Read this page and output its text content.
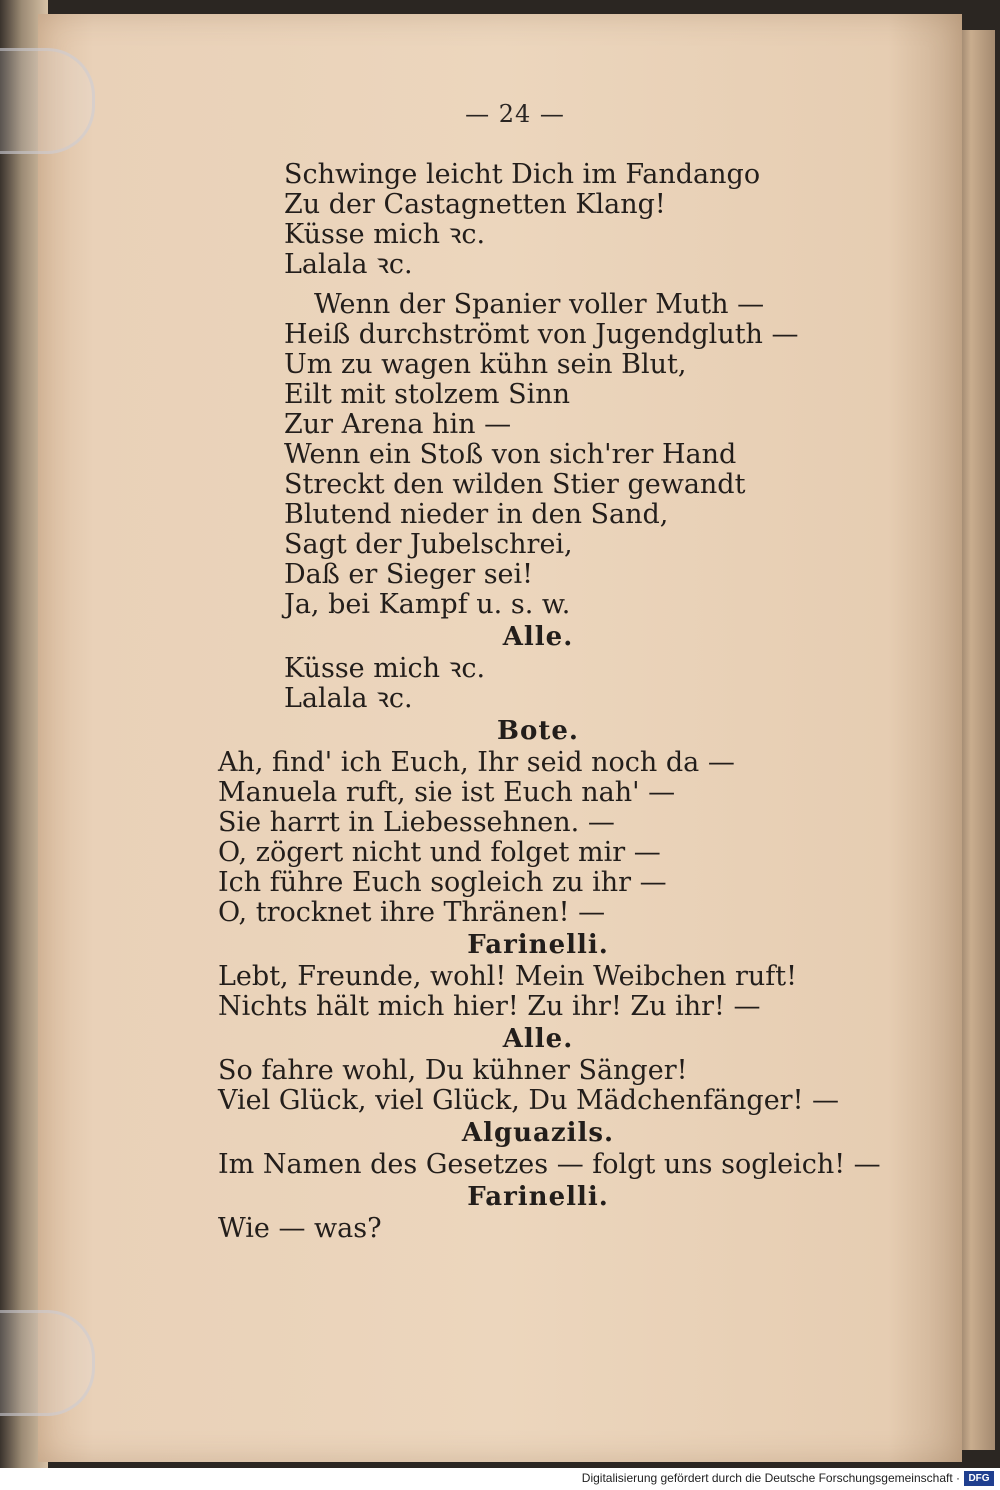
— 24 —
Schwinge leicht Dich im Fandango
Zu der Castagnetten Klang!
Küsse mich ꝛc.
Lalala ꝛc.
Wenn der Spanier voller Muth —
Heiß durchströmt von Jugendgluth —
Um zu wagen kühn sein Blut,
Eilt mit stolzem Sinn
Zur Arena hin —
Wenn ein Stoß von sich'rer Hand
Streckt den wilden Stier gewandt
Blutend nieder in den Sand,
Sagt der Jubelschrei,
Daß er Sieger sei!
Ja, bei Kampf u. s. w.
Alle.
Küsse mich ꝛc.
Lalala ꝛc.
Bote.
Ah, find' ich Euch, Ihr seid noch da —
Manuela ruft, sie ist Euch nah' —
Sie harrt in Liebessehnen. —
O, zögert nicht und folget mir —
Ich führe Euch sogleich zu ihr —
O, trocknet ihre Thränen! —
Farinelli.
Lebt, Freunde, wohl! Mein Weibchen ruft!
Nichts hält mich hier! Zu ihr! Zu ihr! —
Alle.
So fahre wohl, Du kühner Sänger!
Viel Glück, viel Glück, Du Mädchenfänger! —
Alguazils.
Im Namen des Gesetzes — folgt uns sogleich! —
Farinelli.
Wie — was?
Digitalisierung gefördert durch die Deutsche Forschungsgemeinschaft · DFG
